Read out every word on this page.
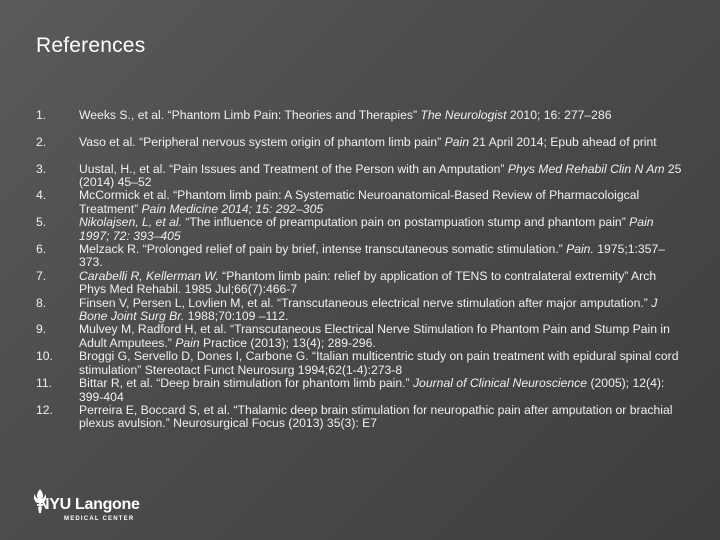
References
1.	Weeks S., et al. “Phantom Limb Pain: Theories and Therapies” The Neurologist 2010; 16: 277–286
2.	Vaso et al. “Peripheral nervous system origin of phantom limb pain” Pain 21 April 2014; Epub ahead of print
3.	Uustal, H., et al. “Pain Issues and Treatment of the Person with an Amputation” Phys Med Rehabil Clin N Am 25 (2014) 45–52
4.	McCormick et al. “Phantom limb pain: A Systematic Neuroanatomical-Based Review of Pharmacoloigcal Treatment” Pain Medicine 2014; 15: 292–305
5.	Nikolajsen, L, et al. “The influence of preamputation pain on postampuation stump and phantom pain” Pain 1997; 72: 393–405
6.	Melzack R. “Prolonged relief of pain by brief, intense transcutaneous somatic stimulation.” Pain. 1975;1:357–373.
7.	Carabelli R, Kellerman W. “Phantom limb pain: relief by application of TENS to contralateral extremity” Arch Phys Med Rehabil. 1985 Jul;66(7):466-7
8.	Finsen V, Persen L, Lovlien M, et al. “Transcutaneous electrical nerve stimulation after major amputation.” J Bone Joint Surg Br. 1988;70:109 –112.
9.	Mulvey M, Radford H, et al. “Transcutaneous Electrical Nerve Stimulation fo Phantom Pain and Stump Pain in Adult Amputees.” Pain Practice (2013); 13(4); 289-296.
10.	Broggi G, Servello D, Dones I, Carbone G. “Italian multicentric study on pain treatment with epidural spinal cord stimulation” Stereotact Funct Neurosurg 1994;62(1-4):273-8
11.	Bittar R, et al. “Deep brain stimulation for phantom limb pain.” Journal of Clinical Neuroscience (2005); 12(4): 399-404
12.	Perreira E, Boccard S, et al. “Thalamic deep brain stimulation for neuropathic pain after amputation or brachial plexus avulsion.” Neurosurgical Focus (2013) 35(3): E7
NYU Langone
MEDICAL CENTER
